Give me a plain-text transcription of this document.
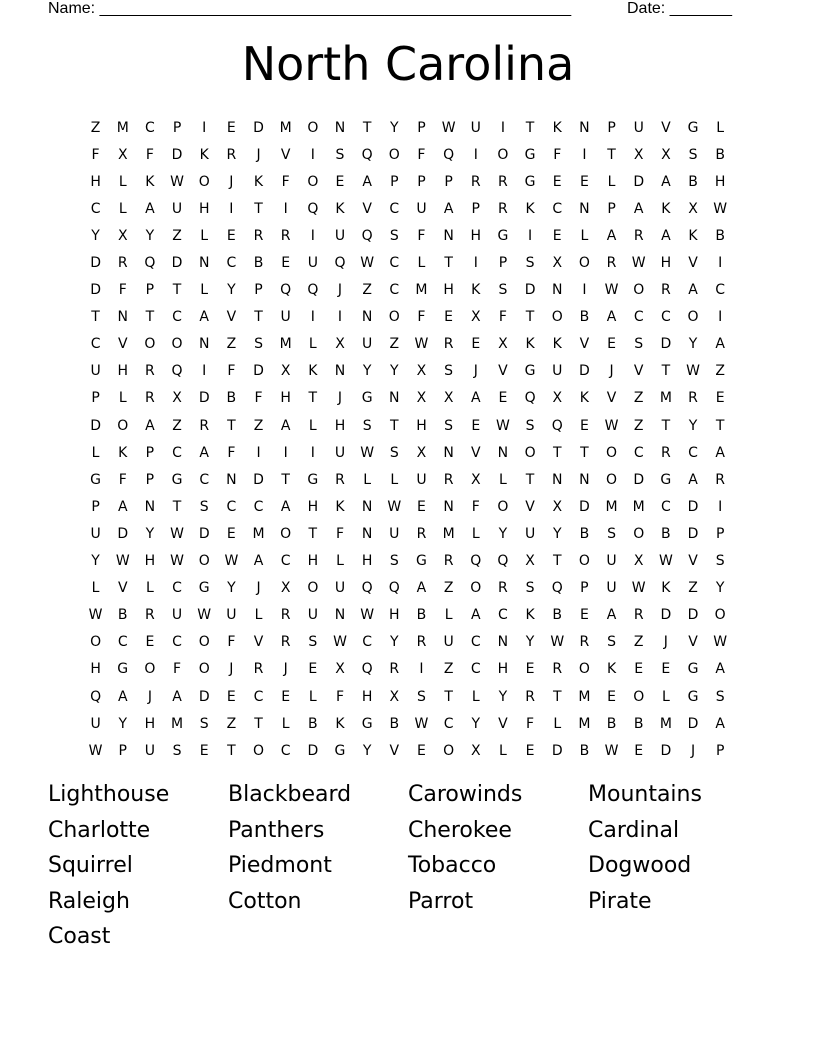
Name: _____________________________________________________

	Date: _______

North Carolina
Z	M	C	P	I	E	D	M	O	N	T	Y	P	W	U	I	T	K	N	P	U	V	G	L
F	X	F	D	K	R	J	V	I	S	Q	O	F	Q	I	O	G	F	I	T	X	X	S	B
H	L	K	W	O	J	K	F	O	E	A	P	P	P	R	R	G	E	E	L	D	A	B	H
C	L	A	U	H	I	T	I	Q	K	V	C	U	A	P	R	K	C	N	P	A	K	X	W
Y	X	Y	Z	L	E	R	R	I	U	Q	S	F	N	H	G	I	E	L	A	R	A	K	B
D	R	Q	D	N	C	B	E	U	Q	W	C	L	T	I	P	S	X	O	R	W	H	V	I
D	F	P	T	L	Y	P	Q	Q	J	Z	C	M	H	K	S	D	N	I	W	O	R	A	C
T	N	T	C	A	V	T	U	I	I	N	O	F	E	X	F	T	O	B	A	C	C	O	I
C	V	O	O	N	Z	S	M	L	X	U	Z	W	R	E	X	K	K	V	E	S	D	Y	A
U	H	R	Q	I	F	D	X	K	N	Y	Y	X	S	J	V	G	U	D	J	V	T	W	Z
P	L	R	X	D	B	F	H	T	J	G	N	X	X	A	E	Q	X	K	V	Z	M	R	E
D	O	A	Z	R	T	Z	A	L	H	S	T	H	S	E	W	S	Q	E	W	Z	T	Y	T
L	K	P	C	A	F	I	I	I	U	W	S	X	N	V	N	O	T	T	O	C	R	C	A
G	F	P	G	C	N	D	T	G	R	L	L	U	R	X	L	T	N	N	O	D	G	A	R
P	A	N	T	S	C	C	A	H	K	N	W	E	N	F	O	V	X	D	M	M	C	D	I
U	D	Y	W	D	E	M	O	T	F	N	U	R	M	L	Y	U	Y	B	S	O	B	D	P
Y	W	H	W	O	W	A	C	H	L	H	S	G	R	Q	Q	X	T	O	U	X	W	V	S
L	V	L	C	G	Y	J	X	O	U	Q	Q	A	Z	O	R	S	Q	P	U	W	K	Z	Y
W	B	R	U	W	U	L	R	U	N	W	H	B	L	A	C	K	B	E	A	R	D	D	O
O	C	E	C	O	F	V	R	S	W	C	Y	R	U	C	N	Y	W	R	S	Z	J	V	W
H	G	O	F	O	J	R	J	E	X	Q	R	I	Z	C	H	E	R	O	K	E	E	G	A
Q	A	J	A	D	E	C	E	L	F	H	X	S	T	L	Y	R	T	M	E	O	L	G	S
U	Y	H	M	S	Z	T	L	B	K	G	B	W	C	Y	V	F	L	M	B	B	M	D	A
W	P	U	S	E	T	O	C	D	G	Y	V	E	O	X	L	E	D	B	W	E	D	J	P
Lighthouse	Blackbeard	Carowinds	Mountains
Charlotte	Panthers	Cherokee	Cardinal
Squirrel	Piedmont	Tobacco	Dogwood
Raleigh	Cotton	Parrot	Pirate
Coast
